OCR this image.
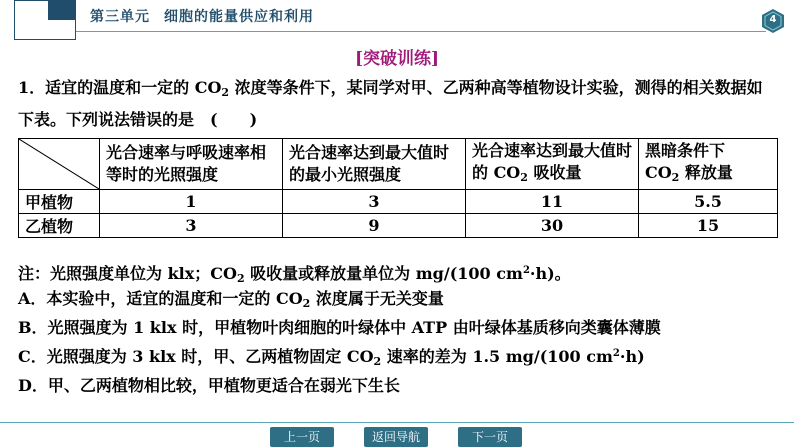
第三单元 细胞的能量供应和利用	4
[突破训练]
1．适宜的温度和一定的 $CO_2$ 浓度等条件下，某同学对甲、乙两种高等植物设计实验，测得的相关数据如下表。下列说法错误的是　(　　)
	光合速率与呼吸速率相等时的光照强度	光合速率达到最大值时的最小光照强度	光合速率达到最大值时的 $CO_2$ 吸收量	黑暗条件下
$CO_2$ 释放量
甲植物	1	3	11	5.5
乙植物	3	9	30	15
注：光照强度单位为 klx；$CO_2$ 吸收量或释放量单位为 mg/(100 $cm^2\cdot h$)。
A．本实验中，适宜的温度和一定的 $CO_2$ 浓度属于无关变量
B．光照强度为 1 klx 时，甲植物叶肉细胞的叶绿体中 ATP 由叶绿体基质移向类囊体薄膜
C．光照强度为 3 klx 时，甲、乙两植物固定 $CO_2$ 速率的差为 1.5 mg/(100 $cm^2\cdot h$)
D．甲、乙两植物相比较，甲植物更适合在弱光下生长
上一页	返回导航	下一页
